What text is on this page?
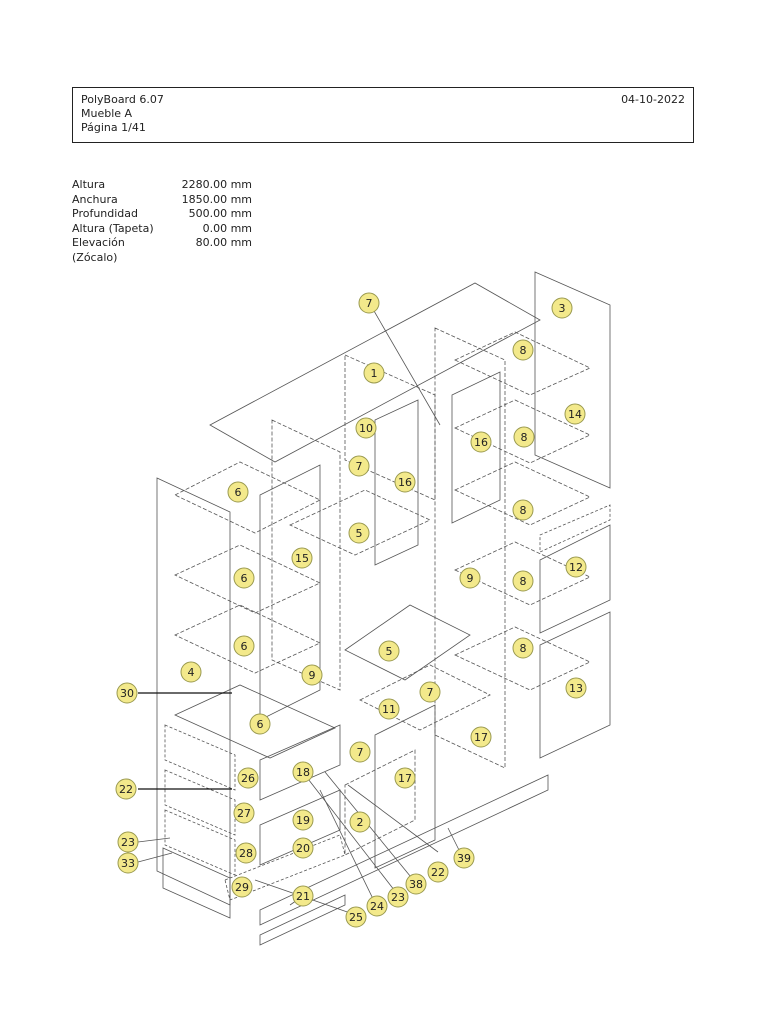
PolyBoard 6.07
Mueble A
Página 1/41
04-10-2022
Altura	2280.00 mm
Anchura	1850.00 mm
Profundidad	500.00 mm
Altura (Tapeta)	0.00 mm
Elevación (Zócalo)
80.00 mm
7	3
8
1
14
10
16	8
7
6
16
8
5
15
9	8
12
6
6	5	8
4
13
9
7
30
11
6
17
7
18
26	17
22
27
19	2
23
28	20
33	39
22
29
21
38
23
24
25
